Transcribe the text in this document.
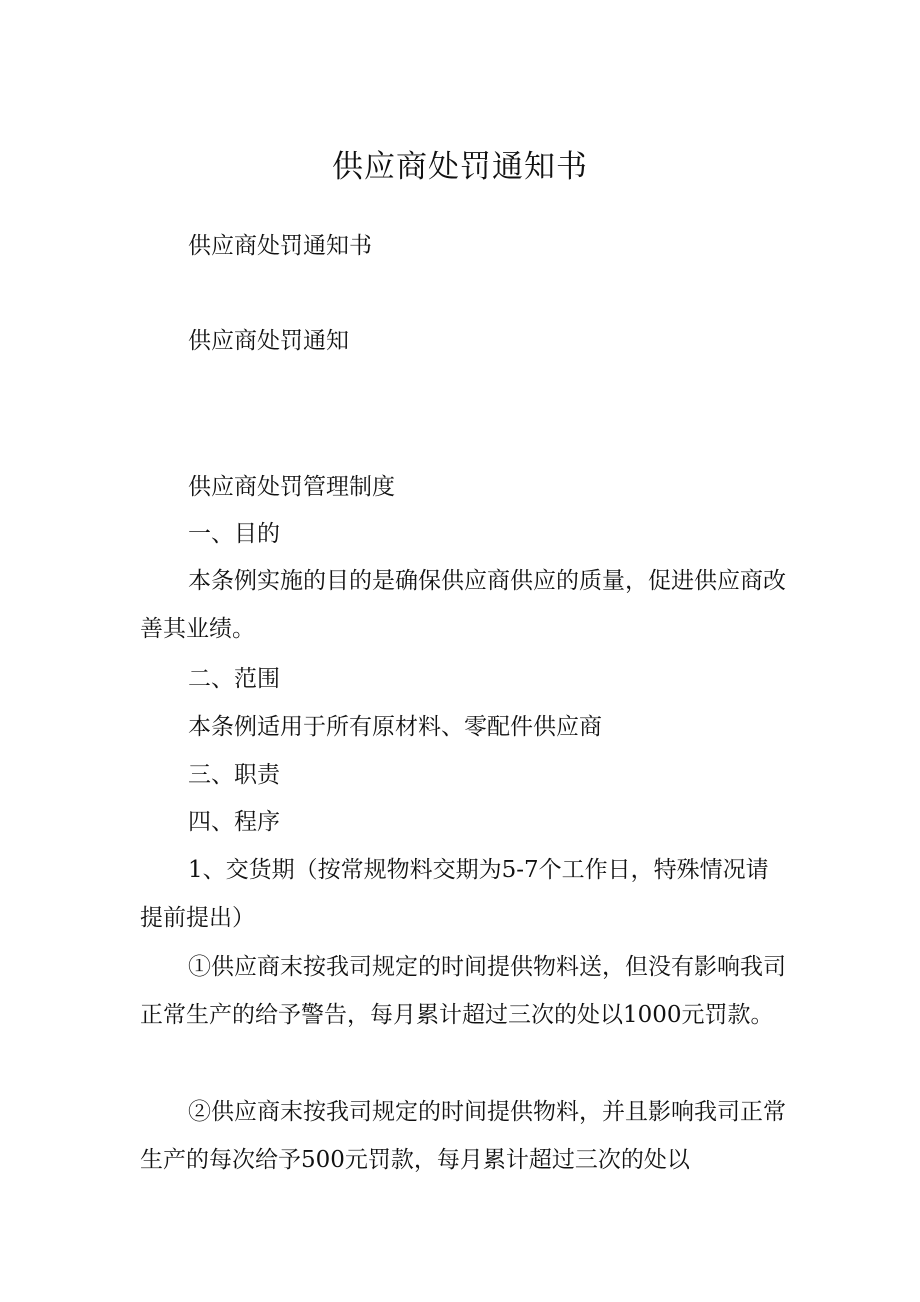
供应商处罚通知书

供应商处罚通知书

供应商处罚通知

供应商处罚管理制度

一、目的

本条例实施的目的是确保供应商供应的质量，促进供应商改善其业绩。

二、范围

本条例适用于所有原材料、零配件供应商

三、职责

四、程序

1、交货期（按常规物料交期为5-7个工作日，特殊情况请提前提出）

①供应商末按我司规定的时间提供物料送，但没有影响我司正常生产的给予警告，每月累计超过三次的处以1000元罚款。

②供应商末按我司规定的时间提供物料，并且影响我司正常生产的每次给予500元罚款，每月累计超过三次的处以
